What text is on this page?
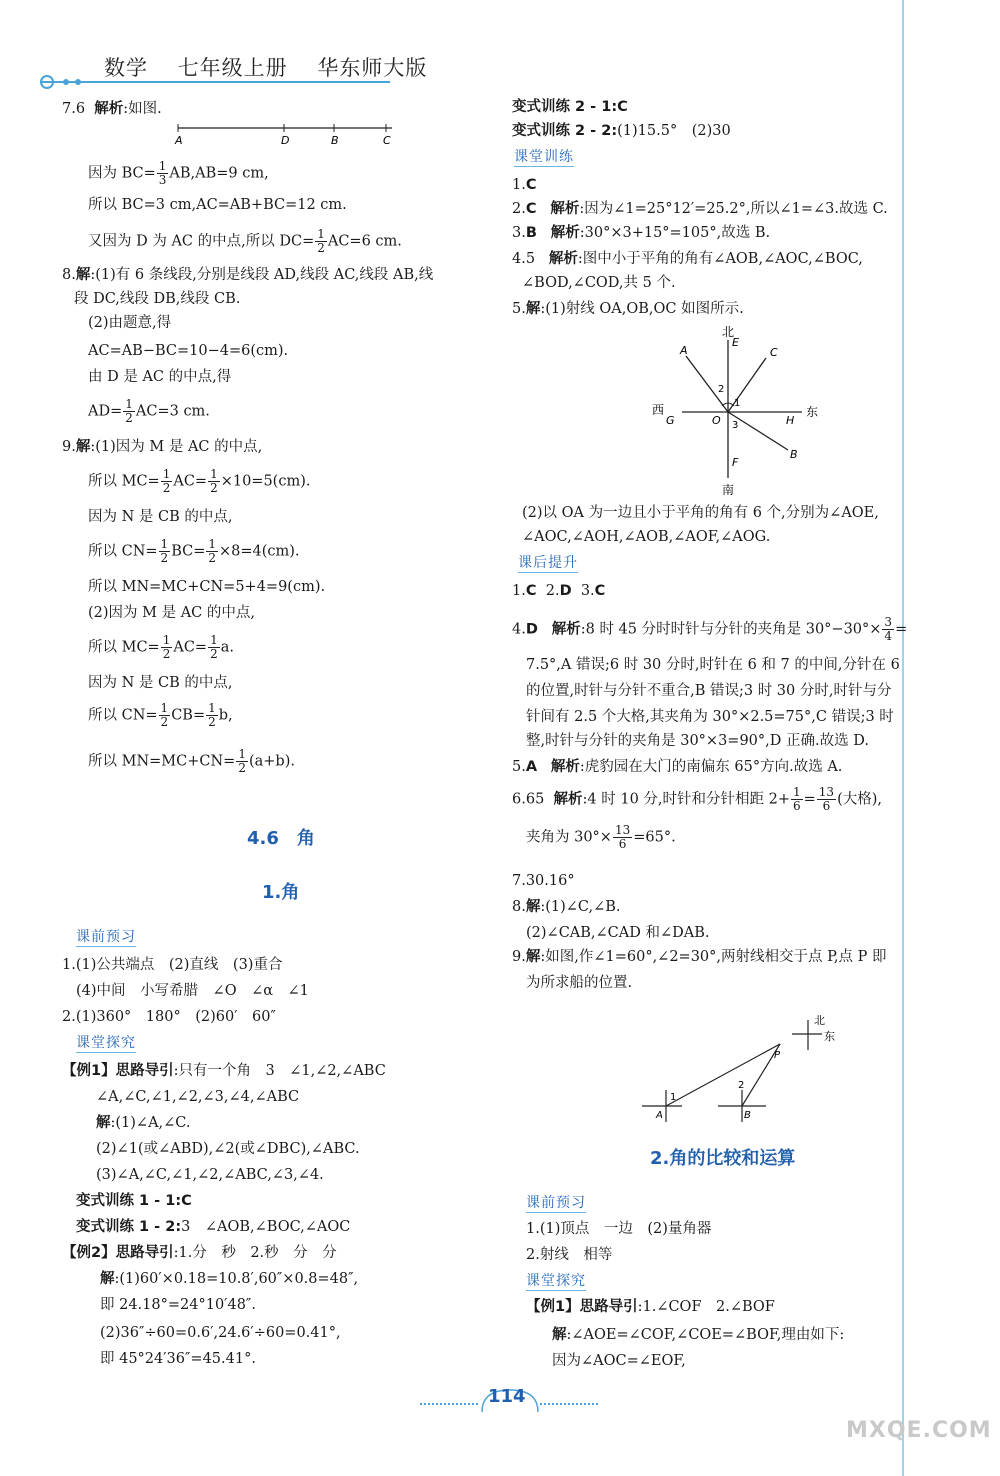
数学 七年级上册 华东师大版
7.6 解析:如图.
A	D	B	C
因为 $BC= \frac{1}{3} AB,AB=9$ cm,
所以 BC=3 cm,AC=AB+BC=12 cm.
又因为 D 为 AC 的中点,所以 $DC= \frac{1}{2} AC=6$ cm.
8.解:(1)有 6 条线段,分别是线段 AD,线段 AC,线段 AB,线
段 DC,线段 DB,线段 CB.
(2)由题意,得
AC=AB−BC=10−4=6(cm).
由 D 是 AC 的中点,得
$AD= \frac{1}{2} AC=3$ cm.
9.解:(1)因为 M 是 AC 的中点,
所以 $MC= \frac{1}{2} AC= \frac{1}{2} \times 10=5(cm)$.
因为 N 是 CB 的中点,
所以 $CN= \frac{1}{2} BC= \frac{1}{2} \times 8=4(cm)$.
所以 MN=MC+CN=5+4=9(cm).
(2)因为 M 是 AC 的中点,
所以 $MC= \frac{1}{2} AC= \frac{1}{2} a$.
因为 N 是 CB 的中点,
所以 $CN= \frac{1}{2} CB= \frac{1}{2} b$,
所以 $MN=MC+CN= \frac{1}{2} (a+b)$.
4.6　角
1.角
课前预习
1.(1)公共端点　(2)直线　(3)重合
(4)中间　小写希腊　∠O　∠α　∠1
2.(1)360°　180°　(2)60′　60″
课堂探究
【例1】思路导引:只有一个角　3　∠1,∠2,∠ABC
∠A,∠C,∠1,∠2,∠3,∠4,∠ABC
解:(1)∠A,∠C.
(2)∠1(或∠ABD),∠2(或∠DBC),∠ABC.
(3)∠A,∠C,∠1,∠2,∠ABC,∠3,∠4.
变式训练 1 - 1:C
变式训练 1 - 2:3　∠AOB,∠BOC,∠AOC
【例2】思路导引:1.分　秒　2.秒　分　分
解:(1)60′×0.18=10.8′,60″×0.8=48″,
即 24.18°=24°10′48″.
(2)36″÷60=0.6′,24.6′÷60=0.41°,
即 45°24′36″=45.41°.
变式训练 2 - 1:C
变式训练 2 - 2:(1)15.5°　(2)30
课堂训练
1.C
2.C 解析:因为∠1=25°12′=25.2°,所以∠1=∠3.故选 C.
3.B 解析:30°×3+15°=105°,故选 B.
4.5 解析:图中小于平角的角有∠AOB,∠AOC,∠BOC,
∠BOD,∠COD,共 5 个.
5.解:(1)射线 OA,OB,OC 如图所示.
北
南
西	东
A
B
C
E
F
G	H
O
1
2
3
(2)以 OA 为一边且小于平角的角有 6 个,分别为∠AOE,
∠AOC,∠AOH,∠AOB,∠AOF,∠AOG.
课后提升
1.C 2.D 3.C
4.D 解析:8 时 45 分时时针与分针的夹角是 $30^\circ-30^\circ\times \frac{3}{4}$ =
7.5°,A 错误;6 时 30 分时,时针在 6 和 7 的中间,分针在 6
的位置,时针与分针不重合,B 错误;3 时 30 分时,时针与分
针间有 2.5 个大格,其夹角为 30°×2.5=75°,C 错误;3 时
整,时针与分针的夹角是 30°×3=90°,D 正确.故选 D.
5.A 解析:虎豹园在大门的南偏东 65°方向.故选 A.
6.65 解析:4 时 10 分,时针和分针相距 $2+ \frac{1}{6} = \frac{13}{6}$ (大格),
夹角为 $30^\circ\times \frac{13}{6} =65^\circ$.
7.30.16°
8.解:(1)∠C,∠B.
(2)∠CAB,∠CAD 和∠DAB.
9.解:如图,作∠1=60°,∠2=30°,两射线相交于点 P,点 P 即
为所求船的位置.
北
东
P
A	B
1
2
2.角的比较和运算
课前预习
1.(1)顶点　一边　(2)量角器
2.射线　相等
课堂探究
【例1】思路导引:1.∠COF　2.∠BOF
解:∠AOE=∠COF,∠COE=∠BOF,理由如下:
因为∠AOC=∠EOF,
114
MXQE.COM
